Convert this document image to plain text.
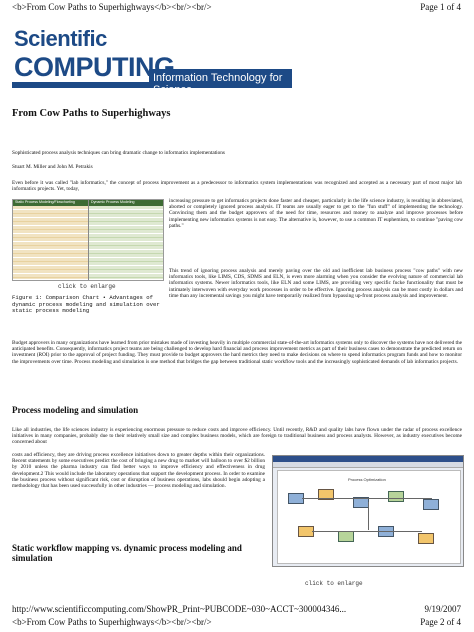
<b>From Cow Paths to Superhighways</b><br/><br/>	Page 1 of 4
Scientific
COMPUTING
Information Technology for Science
From Cow Paths to Superhighways

Sophisticated process analysis techniques can bring dramatic change to informatics implementations

Stuart M. Miller and John M. Petrakis

Even before it was called "lab informatics," the concept of process improvement as a predecessor to informatics system implementations was recognized and accepted as a necessary part of most major lab informatics projects. Yet, today,

Static Process Modeling/Flowcharting	Dynamic Process Modeling
click to enlarge
Figure 1: Comparison Chart • Advantages of dynamic process modeling and simulation over static process modeling

increasing pressure to get informatics projects done faster and cheaper, particularly in the life science industry, is resulting in abbreviated, aborted or completely ignored process analysis. IT teams are usually eager to get to the "fun stuff" of implementing the technology. Convincing them and the budget approvers of the need for time, resources and money to analyze and improve processes before implementing new informatics systems is not easy. The alternative is, however, to use a common IT euphemism, to continue "paving cow paths."

This trend of ignoring process analysis and merely paving over the old and inefficient lab business process "cow paths" with new informatics tools, like LIMS, CDS, SDMS and ELN, is even more alarming when you consider the evolving nature of commercial lab informatics systems. Newer informatics tools, like ELN and some LIMS, are providing very specific fucke functionality that must be intimately interwoven with everyday work processes in order to be effective. Ignoring process analysis can be most costly in dollars and time than any incremental savings you might have temporarily realized from bypassing up-front process analysis and improvement.

Budget approvers in many organizations have learned from prior mistakes made of investing heavily in multiple commercial state-of-the-art informatics systems only to discover the systems have not delivered the anticipated benefits. Consequently, informatics project teams are being challenged to develop hard financial and process improvement metrics as part of their business cases to demonstrate the predicted return on investment (ROI) prior to the approval of project funding. They must provide to budget approvers the hard metrics they need to make decisions on where to spend informatics program funds and how to monitor the improvements over time. Process modeling and simulation is one method that bridges the gap between traditional static workflow tools and the increasingly sophisticated demands of lab informatics projects.

Process modeling and simulation

Like all industries, the life sciences industry is experiencing enormous pressure to reduce costs and improve efficiency. Until recently, R&D and quality labs have flown under the radar of process excellence initiatives in many companies, probably due to their relatively small size and complex business models, which are foreign to traditional business and process analysts. However, as industry executives become concerned about

costs and efficiency, they are driving process excellence initiatives down to greater depths within their organizations. Recent statements by some executives predict the cost of bringing a new drug to market will balloon to over $2 billion by 2010 unless the pharma industry can find better ways to improve efficiency and effectiveness in drug development.2 This would include the laboratory operations that support the development process. In order to examine the business process without significant risk, cost or disruption of business operations, labs should begin adopting a methodology that has been used successfully in other industries — process modeling and simulation.

Process Optimization
click to enlarge
Static workflow mapping vs. dynamic process modeling and simulation
http://www.scientificcomputing.com/ShowPR_Print~PUBCODE~030~ACCT~300004346...	9/19/2007
<b>From Cow Paths to Superhighways</b><br/><br/>	Page 2 of 4
